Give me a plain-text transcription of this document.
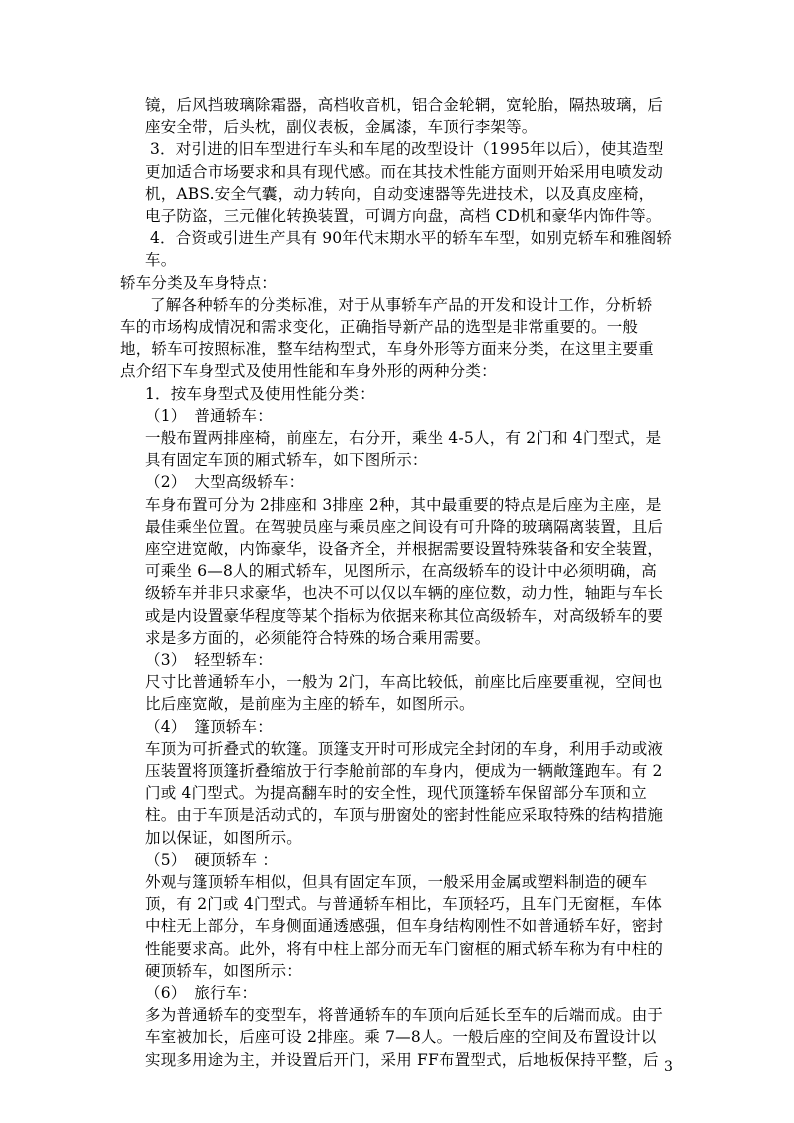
镜，后风挡玻璃除霜器，高档收音机，铝合金轮辋，宽轮胎，隔热玻璃，后
座安全带，后头枕，副仪表板，金属漆，车顶行李架等。
3．对引进的旧车型进行车头和车尾的改型设计（1995年以后），使其造型
更加适合市场要求和具有现代感。而在其技术性能方面则开始采用电喷发动
机，ABS.安全气囊，动力转向，自动变速器等先进技术，以及真皮座椅，
电子防盗，三元催化转换装置，可调方向盘，高档 CD机和豪华内饰件等。
4．合资或引进生产具有 90年代末期水平的轿车车型，如别克轿车和雅阁轿
车。
轿车分类及车身特点：
了解各种轿车的分类标准，对于从事轿车产品的开发和设计工作，分析轿
车的市场构成情况和需求变化，正确指导新产品的选型是非常重要的。一般
地，轿车可按照标准，整车结构型式，车身外形等方面来分类，在这里主要重
点介绍下车身型式及使用性能和车身外形的两种分类：
1．按车身型式及使用性能分类：
（1）　普通轿车：
一般布置两排座椅，前座左，右分开，乘坐 4-5人，有 2门和 4门型式，是
具有固定车顶的厢式轿车，如下图所示：
（2）　大型高级轿车：
车身布置可分为 2排座和 3排座 2种，其中最重要的特点是后座为主座，是
最佳乘坐位置。在驾驶员座与乘员座之间设有可升降的玻璃隔离装置，且后
座空进宽敞，内饰豪华，设备齐全，并根据需要设置特殊装备和安全装置，
可乘坐 6—8人的厢式轿车，见图所示，在高级轿车的设计中必须明确，高
级轿车并非只求豪华，也决不可以仅以车辆的座位数，动力性，轴距与车长
或是内设置豪华程度等某个指标为依据来称其位高级轿车，对高级轿车的要
求是多方面的，必须能符合特殊的场合乘用需要。
（3）　轻型轿车：
尺寸比普通轿车小，一般为 2门，车高比较低，前座比后座要重视，空间也
比后座宽敞，是前座为主座的轿车，如图所示。
（4）　篷顶轿车：
车顶为可折叠式的软篷。顶篷支开时可形成完全封闭的车身，利用手动或液
压装置将顶篷折叠缩放于行李舱前部的车身内，便成为一辆敞篷跑车。有 2
门或 4门型式。为提高翻车时的安全性，现代顶篷轿车保留部分车顶和立
柱。由于车顶是活动式的，车顶与册窗处的密封性能应采取特殊的结构措施
加以保证，如图所示。
（5）　硬顶轿车 ：
外观与篷顶轿车相似，但具有固定车顶，一般采用金属或塑料制造的硬车
顶，有 2门或 4门型式。与普通轿车相比，车顶轻巧，且车门无窗框，车体
中柱无上部分，车身侧面通透感强，但车身结构刚性不如普通轿车好，密封
性能要求高。此外，将有中柱上部分而无车门窗框的厢式轿车称为有中柱的
硬顶轿车，如图所示：
（6）　旅行车：
多为普通轿车的变型车，将普通轿车的车顶向后延长至车的后端而成。由于
车室被加长，后座可设 2排座。乘 7—8人。一般后座的空间及布置设计以
实现多用途为主，并设置后开门，采用 FF布置型式，后地板保持平整，后 3
